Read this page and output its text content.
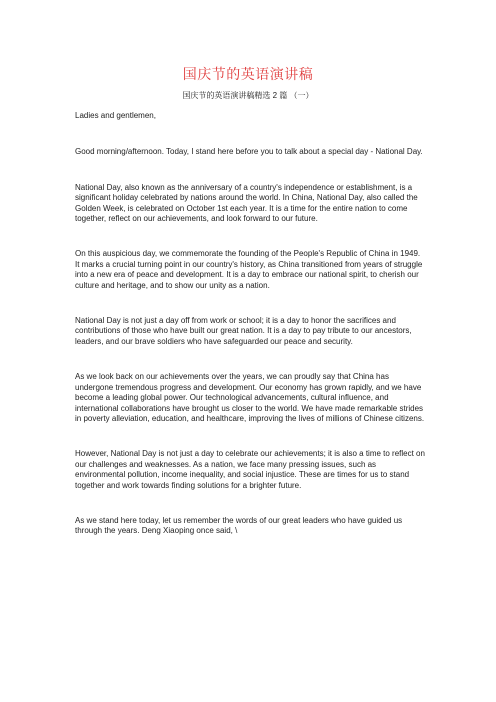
国庆节的英语演讲稿
国庆节的英语演讲稿精选 2 篇 （一）

Ladies and gentlemen,

Good morning/afternoon. Today, I stand here before you to talk about a special day - National Day.

National Day, also known as the anniversary of a country's independence or establishment, is a significant holiday celebrated by nations around the world. In China, National Day, also called the Golden Week, is celebrated on October 1st each year. It is a time for the entire nation to come together, reflect on our achievements, and look forward to our future.

On this auspicious day, we commemorate the founding of the People's Republic of China in 1949. It marks a crucial turning point in our country's history, as China transitioned from years of struggle into a new era of peace and development. It is a day to embrace our national spirit, to cherish our culture and heritage, and to show our unity as a nation.

National Day is not just a day off from work or school; it is a day to honor the sacrifices and contributions of those who have built our great nation. It is a day to pay tribute to our ancestors, leaders, and our brave soldiers who have safeguarded our peace and security.

As we look back on our achievements over the years, we can proudly say that China has undergone tremendous progress and development. Our economy has grown rapidly, and we have become a leading global power. Our technological advancements, cultural influence, and international collaborations have brought us closer to the world. We have made remarkable strides in poverty alleviation, education, and healthcare, improving the lives of millions of Chinese citizens.

However, National Day is not just a day to celebrate our achievements; it is also a time to reflect on our challenges and weaknesses. As a nation, we face many pressing issues, such as environmental pollution, income inequality, and social injustice. These are times for us to stand together and work towards finding solutions for a brighter future.

As we stand here today, let us remember the words of our great leaders who have guided us through the years. Deng Xiaoping once said, \
